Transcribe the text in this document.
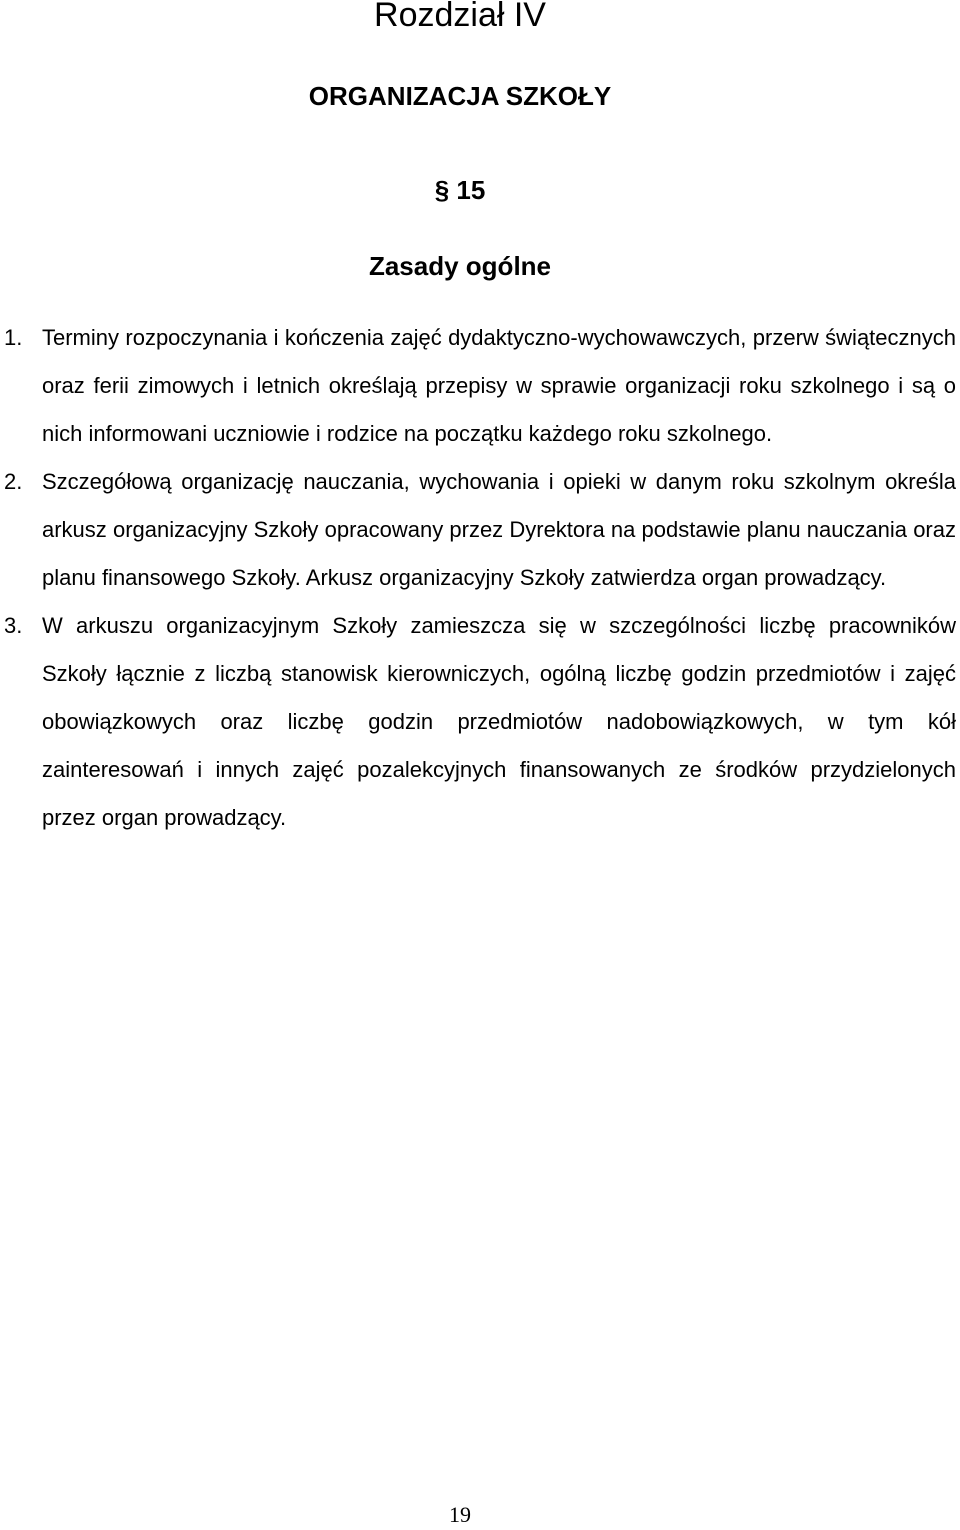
Rozdział IV
ORGANIZACJA SZKOŁY
§ 15
Zasady ogólne
1. Terminy rozpoczynania i kończenia zajęć dydaktyczno-wychowawczych, przerw świątecznych oraz ferii zimowych i letnich określają przepisy w sprawie organizacji roku szkolnego i są o nich informowani uczniowie i rodzice na początku każdego roku szkolnego.
2. Szczegółową organizację nauczania, wychowania i opieki w danym roku szkolnym określa arkusz organizacyjny Szkoły opracowany przez Dyrektora na podstawie planu nauczania oraz planu finansowego Szkoły. Arkusz organizacyjny Szkoły zatwierdza organ prowadzący.
3. W arkuszu organizacyjnym Szkoły zamieszcza się w szczególności liczbę pracowników Szkoły łącznie z liczbą stanowisk kierowniczych, ogólną liczbę godzin przedmiotów i zajęć obowiązkowych oraz liczbę godzin przedmiotów nadobowiązkowych, w tym kół zainteresowań i innych zajęć pozalekcyjnych finansowanych ze środków przydzielonych przez organ prowadzący.
19
